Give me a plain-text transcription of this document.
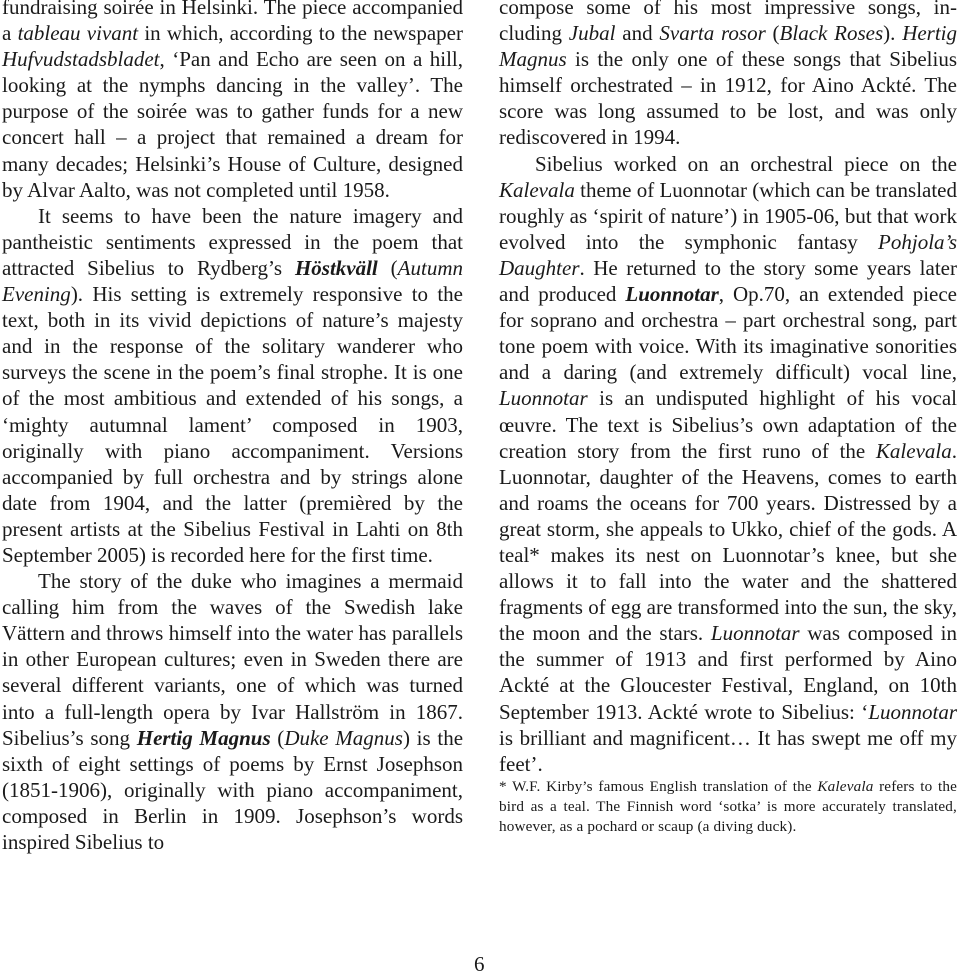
fundraising soirée in Helsinki. The piece accompanied a tableau vivant in which, according to the newspaper Hufvudstadsbladet, ‘Pan and Echo are seen on a hill, looking at the nymphs dancing in the valley’. The purpose of the soirée was to gather funds for a new concert hall – a project that remained a dream for many decades; Helsinki’s House of Culture, designed by Alvar Aalto, was not completed until 1958.

It seems to have been the nature imagery and pantheistic sentiments expressed in the poem that attracted Sibelius to Rydberg’s Höstkväll (Autumn Evening). His setting is extremely responsive to the text, both in its vivid depictions of nature’s majesty and in the response of the solitary wanderer who surveys the scene in the poem’s final strophe. It is one of the most ambitious and extended of his songs, a ‘mighty autumnal lament’ composed in 1903, originally with piano accompaniment. Versions accompanied by full orchestra and by strings alone date from 1904, and the latter (premièred by the present artists at the Sibelius Festival in Lahti on 8th September 2005) is recorded here for the first time.

The story of the duke who imagines a mermaid calling him from the waves of the Swedish lake Vättern and throws himself into the water has parallels in other European cultures; even in Sweden there are several different variants, one of which was turned into a full-length opera by Ivar Hallström in 1867. Sibelius’s song Hertig Magnus (Duke Magnus) is the sixth of eight settings of poems by Ernst Josephson (1851-1906), originally with piano accompaniment, composed in Berlin in 1909. Josephson’s words inspired Sibelius to

compose some of his most impressive songs, including Jubal and Svarta rosor (Black Roses). Hertig Magnus is the only one of these songs that Sibelius himself orchestrated – in 1912, for Aino Ackté. The score was long assumed to be lost, and was only rediscovered in 1994.

Sibelius worked on an orchestral piece on the Kalevala theme of Luonnotar (which can be translated roughly as ‘spirit of nature’) in 1905-06, but that work evolved into the symphonic fantasy Pohjola’s Daughter. He returned to the story some years later and produced Luonnotar, Op.70, an extended piece for soprano and orchestra – part orchestral song, part tone poem with voice. With its imaginative sonorities and a daring (and extremely difficult) vocal line, Luonnotar is an undisputed highlight of his vocal œuvre. The text is Sibelius’s own adaptation of the creation story from the first runo of the Kalevala. Luonnotar, daughter of the Heavens, comes to earth and roams the oceans for 700 years. Distressed by a great storm, she appeals to Ukko, chief of the gods. A teal* makes its nest on Luonnotar’s knee, but she allows it to fall into the water and the shattered fragments of egg are transformed into the sun, the sky, the moon and the stars. Luonnotar was composed in the summer of 1913 and first performed by Aino Ackté at the Gloucester Festival, England, on 10th September 1913. Ackté wrote to Sibelius: ‘Luonnotar is brilliant and magnificent… It has swept me off my feet’.

* W.F. Kirby’s famous English translation of the Kalevala refers to the bird as a teal. The Finnish word ‘sotka’ is more accurately translated, however, as a pochard or scaup (a diving duck).

6
